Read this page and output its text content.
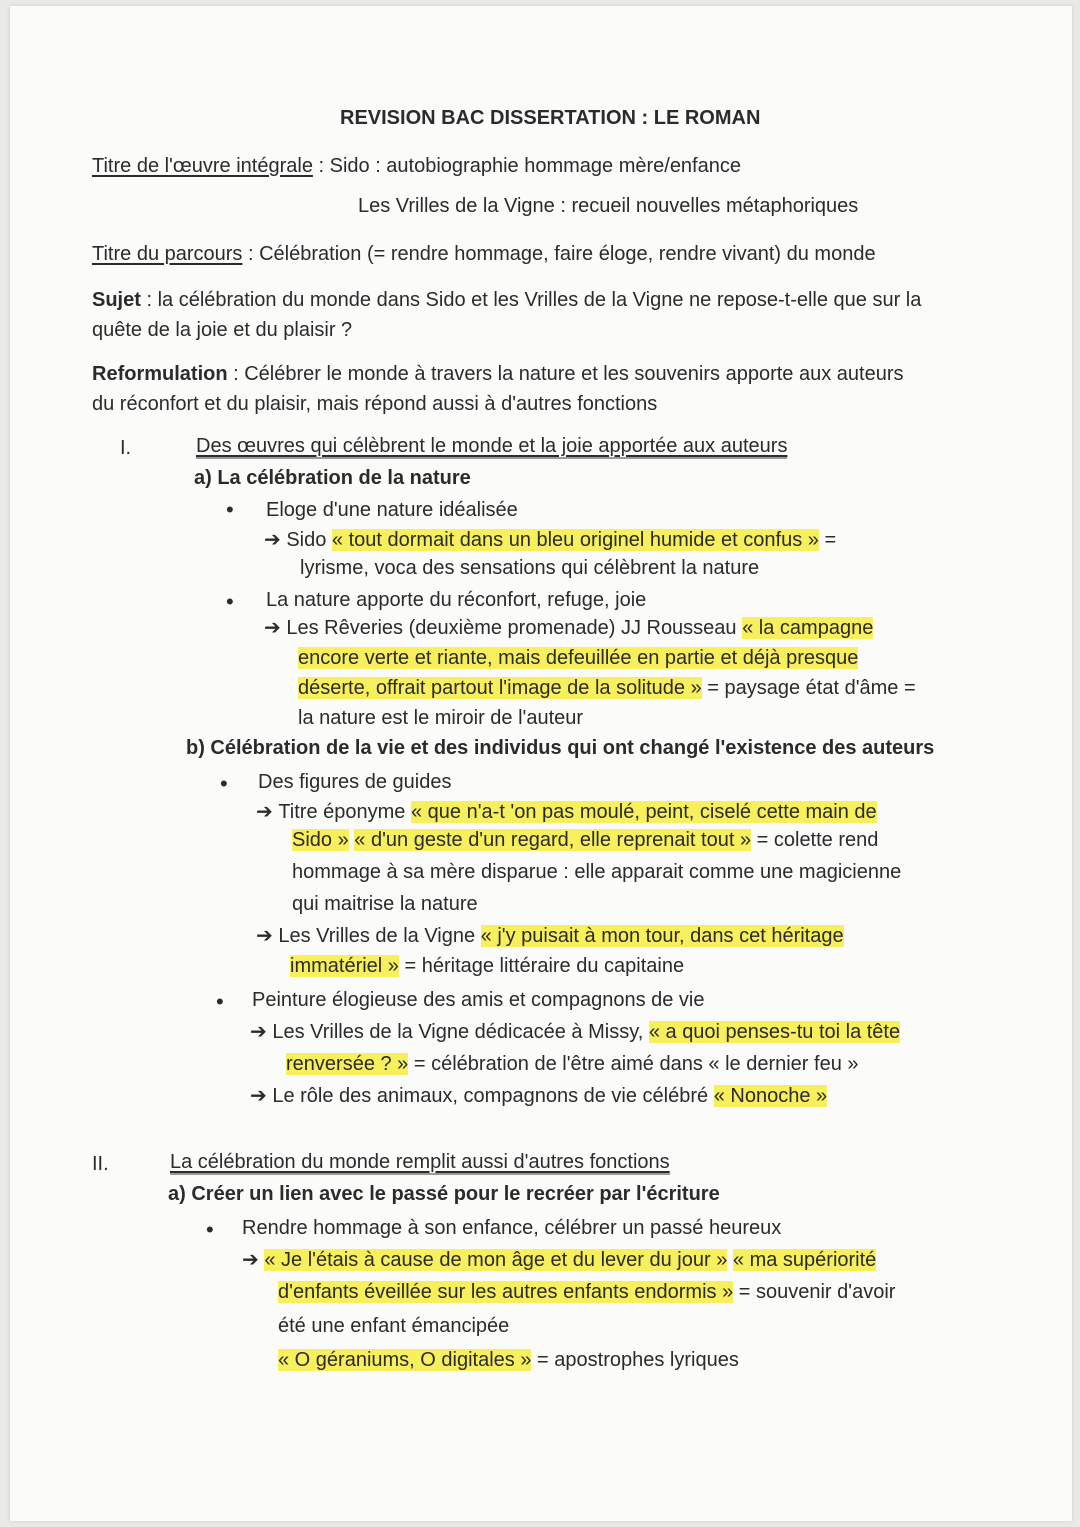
REVISION BAC DISSERTATION : LE ROMAN
Titre de l'œuvre intégrale : Sido : autobiographie hommage mère/enfance
Les Vrilles de la Vigne : recueil nouvelles métaphoriques
Titre du parcours : Célébration (= rendre hommage, faire éloge, rendre vivant) du monde
Sujet : la célébration du monde dans Sido et les Vrilles de la Vigne ne repose-t-elle que sur la
quête de la joie et du plaisir ?
Reformulation : Célébrer le monde à travers la nature et les souvenirs apporte aux auteurs
du réconfort et du plaisir, mais répond aussi à d'autres fonctions
I.	Des œuvres qui célèbrent le monde et la joie apportée aux auteurs
a) La célébration de la nature
• Eloge d'une nature idéalisée
➔ Sido « tout dormait dans un bleu originel humide et confus » =
lyrisme, voca des sensations qui célèbrent la nature
• La nature apporte du réconfort, refuge, joie
➔ Les Rêveries (deuxième promenade) JJ Rousseau « la campagne
encore verte et riante, mais defeuillée en partie et déjà presque
déserte, offrait partout l'image de la solitude » = paysage état d'âme =
la nature est le miroir de l'auteur
b) Célébration de la vie et des individus qui ont changé l'existence des auteurs
• Des figures de guides
➔ Titre éponyme « que n'a-t 'on pas moulé, peint, ciselé cette main de
Sido » « d'un geste d'un regard, elle reprenait tout » = colette rend
hommage à sa mère disparue : elle apparait comme une magicienne
qui maitrise la nature
➔ Les Vrilles de la Vigne « j'y puisait à mon tour, dans cet héritage
immatériel » = héritage littéraire du capitaine
• Peinture élogieuse des amis et compagnons de vie
➔ Les Vrilles de la Vigne dédicacée à Missy, « a quoi penses-tu toi la tête
renversée ? » = célébration de l'être aimé dans « le dernier feu »
➔ Le rôle des animaux, compagnons de vie célébré « Nonoche »
II.	La célébration du monde remplit aussi d'autres fonctions
a) Créer un lien avec le passé pour le recréer par l'écriture
• Rendre hommage à son enfance, célébrer un passé heureux
➔ « Je l'étais à cause de mon âge et du lever du jour » « ma supériorité
d'enfants éveillée sur les autres enfants endormis » = souvenir d'avoir
été une enfant émancipée
« O géraniums, O digitales » = apostrophes lyriques
